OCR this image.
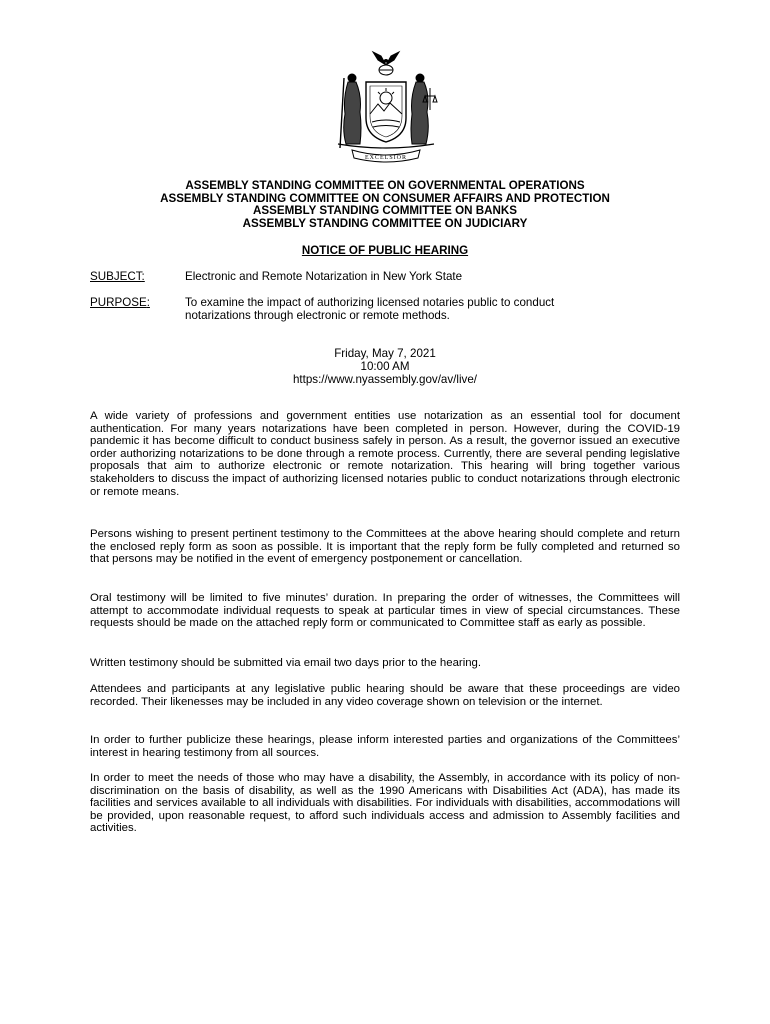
EXCELSIOR
ASSEMBLY STANDING COMMITTEE ON GOVERNMENTAL OPERATIONS
ASSEMBLY STANDING COMMITTEE ON CONSUMER AFFAIRS AND PROTECTION
ASSEMBLY STANDING COMMITTEE ON BANKS
ASSEMBLY STANDING COMMITTEE ON JUDICIARY
NOTICE OF PUBLIC HEARING
SUBJECT:	Electronic and Remote Notarization in New York State
PURPOSE:	To examine the impact of authorizing licensed notaries public to conduct
notarizations through electronic or remote methods.
Friday, May 7, 2021
10:00 AM
https://www.nyassembly.gov/av/live/
A wide variety of professions and government entities use notarization as an essential tool for document authentication. For many years notarizations have been completed in person. However, during the COVID-19 pandemic it has become difficult to conduct business safely in person. As a result, the governor issued an executive order authorizing notarizations to be done through a remote process. Currently, there are several pending legislative proposals that aim to authorize electronic or remote notarization. This hearing will bring together various stakeholders to discuss the impact of authorizing licensed notaries public to conduct notarizations through electronic or remote means.
Persons wishing to present pertinent testimony to the Committees at the above hearing should complete and return the enclosed reply form as soon as possible. It is important that the reply form be fully completed and returned so that persons may be notified in the event of emergency postponement or cancellation.
Oral testimony will be limited to five minutes’ duration. In preparing the order of witnesses, the Committees will attempt to accommodate individual requests to speak at particular times in view of special circumstances. These requests should be made on the attached reply form or communicated to Committee staff as early as possible.
Written testimony should be submitted via email two days prior to the hearing.
Attendees and participants at any legislative public hearing should be aware that these proceedings are video recorded. Their likenesses may be included in any video coverage shown on television or the internet.
In order to further publicize these hearings, please inform interested parties and organizations of the Committees’ interest in hearing testimony from all sources.
In order to meet the needs of those who may have a disability, the Assembly, in accordance with its policy of non-discrimination on the basis of disability, as well as the 1990 Americans with Disabilities Act (ADA), has made its facilities and services available to all individuals with disabilities. For individuals with disabilities, accommodations will be provided, upon reasonable request, to afford such individuals access and admission to Assembly facilities and activities.
